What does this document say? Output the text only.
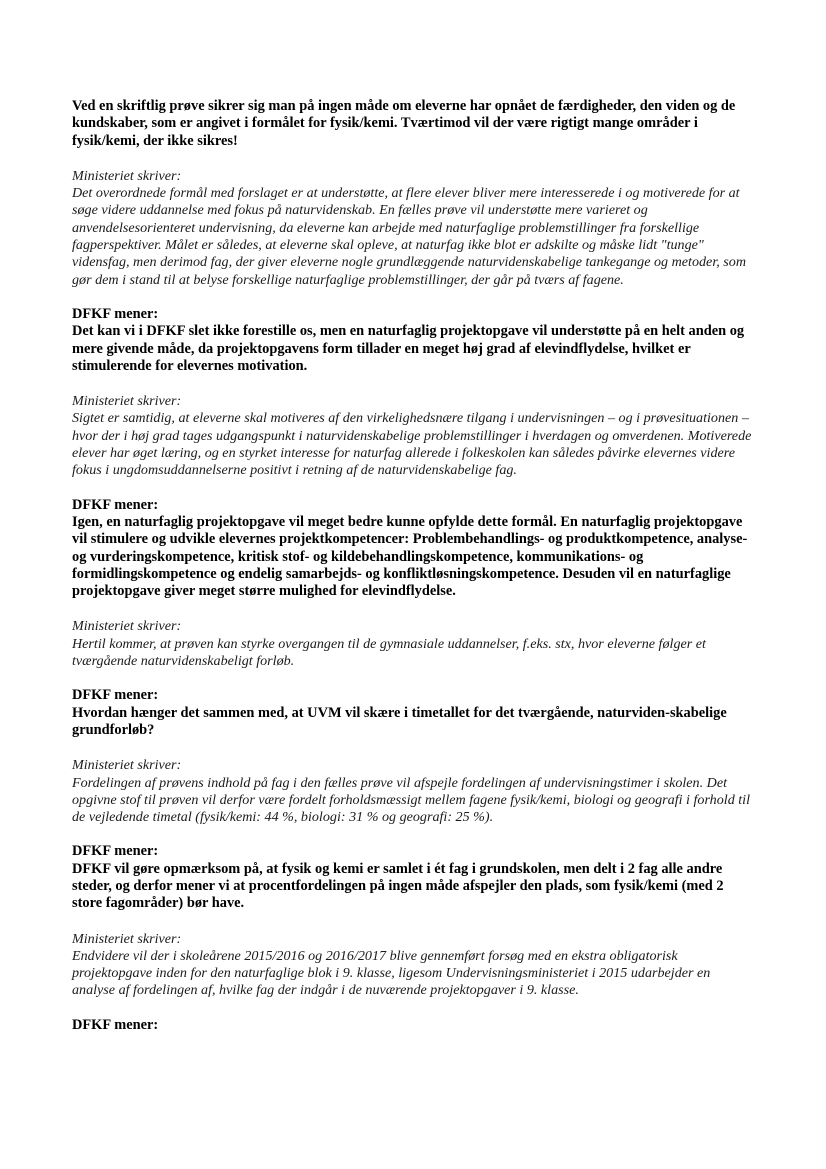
Ved en skriftlig prøve sikrer sig man på ingen måde om eleverne har opnået de færdigheder, den viden og de kundskaber, som er angivet i formålet for fysik/kemi. Tværtimod vil der være rigtigt mange områder i fysik/kemi, der ikke sikres!

Ministeriet skriver:

Det overordnede formål med forslaget er at understøtte, at flere elever bliver mere interesserede i og motiverede for at søge videre uddannelse med fokus på naturvidenskab. En fælles prøve vil understøtte mere varieret og anvendelsesorienteret undervisning, da eleverne kan arbejde med naturfaglige problemstillinger fra forskellige fagperspektiver. Målet er således, at eleverne skal opleve, at naturfag ikke blot er adskilte og måske lidt "tunge" vidensfag, men derimod fag, der giver eleverne nogle grundlæggende naturvidenskabelige tankegange og metoder, som gør dem i stand til at belyse forskellige naturfaglige problemstillinger, der går på tværs af fagene.

DFKF mener:

Det kan vi i DFKF slet ikke forestille os, men en naturfaglig projektopgave vil understøtte på en helt anden og mere givende måde, da projektopgavens form tillader en meget høj grad af elevindflydelse, hvilket er stimulerende for elevernes motivation.

Ministeriet skriver:

Sigtet er samtidig, at eleverne skal motiveres af den virkelighedsnære tilgang i undervisningen – og i prøvesituationen – hvor der i høj grad tages udgangspunkt i naturvidenskabelige problemstillinger i hverdagen og omverdenen. Motiverede elever har øget læring, og en styrket interesse for naturfag allerede i folkeskolen kan således påvirke elevernes videre fokus i ungdomsuddannelserne positivt i retning af de naturvidenskabelige fag.

DFKF mener:

Igen, en naturfaglig projektopgave vil meget bedre kunne opfylde dette formål. En naturfaglig projektopgave vil stimulere og udvikle elevernes projektkompetencer: Problembehandlings- og produktkompetence, analyse- og vurderingskompetence, kritisk stof- og kildebehandlingskompetence, kommunikations- og formidlingskompetence og endelig samarbejds- og konfliktløsningskompetence. Desuden vil en naturfaglige projektopgave giver meget større mulighed for elevindflydelse.

Ministeriet skriver:

Hertil kommer, at prøven kan styrke overgangen til de gymnasiale uddannelser, f.eks. stx, hvor eleverne følger et tværgående naturvidenskabeligt forløb.

DFKF mener:

Hvordan hænger det sammen med, at UVM vil skære i timetallet for det tværgående, naturviden-skabelige grundforløb?

Ministeriet skriver:

Fordelingen af prøvens indhold på fag i den fælles prøve vil afspejle fordelingen af undervisningstimer i skolen. Det opgivne stof til prøven vil derfor være fordelt forholdsmæssigt mellem fagene fysik/kemi, biologi og geografi i forhold til de vejledende timetal (fysik/kemi: 44 %, biologi: 31 % og geografi: 25 %).

DFKF mener:

DFKF vil gøre opmærksom på, at fysik og kemi er samlet i ét fag i grundskolen, men delt i 2 fag alle andre steder, og derfor mener vi at procentfordelingen på ingen måde afspejler den plads, som fysik/kemi (med 2 store fagområder) bør have.

Ministeriet skriver:

Endvidere vil der i skoleårene 2015/2016 og 2016/2017 blive gennemført forsøg med en ekstra obligatorisk projektopgave inden for den naturfaglige blok i 9. klasse, ligesom Undervisningsministeriet i 2015 udarbejder en analyse af fordelingen af, hvilke fag der indgår i de nuværende projektopgaver i 9. klasse.

DFKF mener:
